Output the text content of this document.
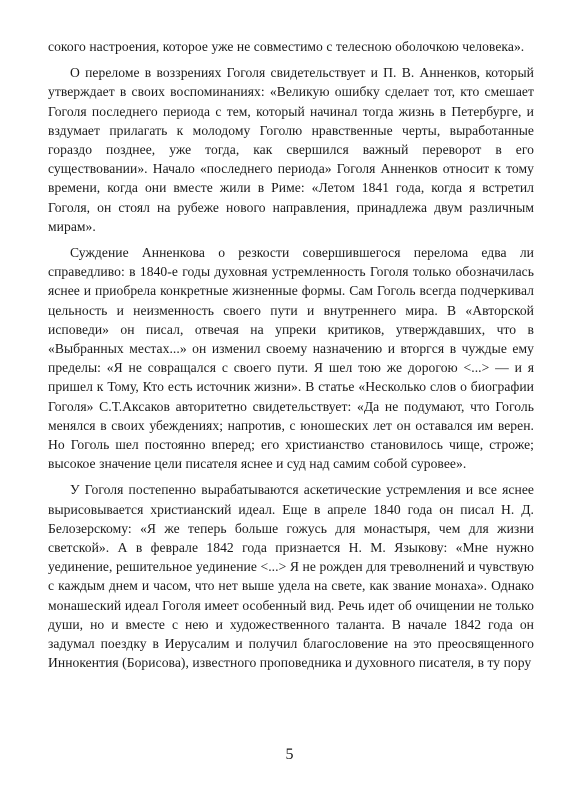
сокого настроения, которое уже не совместимо с телесною оболочкою человека».

О переломе в воззрениях Гоголя свидетельствует и П. В. Анненков, который утверждает в своих воспоминаниях: «Великую ошибку сделает тот, кто смешает Гоголя последнего периода с тем, который начинал тогда жизнь в Петербурге, и вздумает прилагать к молодому Гоголю нравственные черты, выработанные гораздо позднее, уже тогда, как свершился важный переворот в его существовании». Начало «последнего периода» Гоголя Анненков относит к тому времени, когда они вместе жили в Риме: «Летом 1841 года, когда я встретил Гоголя, он стоял на рубеже нового направления, принадлежа двум различным мирам».

Суждение Анненкова о резкости совершившегося перелома едва ли справедливо: в 1840-е годы духовная устремленность Гоголя только обозначилась яснее и приобрела конкретные жизненные формы. Сам Гоголь всегда подчеркивал цельность и неизменность своего пути и внутреннего мира. В «Авторской исповеди» он писал, отвечая на упреки критиков, утверждавших, что в «Выбранных местах...» он изменил своему назначению и вторгся в чуждые ему пределы: «Я не совращался с своего пути. Я шел тою же дорогою <...> — и я пришел к Тому, Кто есть источник жизни». В статье «Несколько слов о биографии Гоголя» С.Т.Аксаков авторитетно свидетельствует: «Да не подумают, что Гоголь менялся в своих убеждениях; напротив, с юношеских лет он оставался им верен. Но Гоголь шел постоянно вперед; его христианство становилось чище, строже; высокое значение цели писателя яснее и суд над самим собой суровее».

У Гоголя постепенно вырабатываются аскетические устремления и все яснее вырисовывается христианский идеал. Еще в апреле 1840 года он писал Н. Д. Белозерскому: «Я же теперь больше гожусь для монастыря, чем для жизни светской». А в феврале 1842 года признается Н. М. Языкову: «Мне нужно уединение, решительное уединение <...> Я не рожден для треволнений и чувствую с каждым днем и часом, что нет выше удела на свете, как звание монаха». Однако монашеский идеал Гоголя имеет особенный вид. Речь идет об очищении не только души, но и вместе с нею и художественного таланта. В начале 1842 года он задумал поездку в Иерусалим и получил благословение на это преосвященного Иннокентия (Борисова), известного проповедника и духовного писателя, в ту пору

5
